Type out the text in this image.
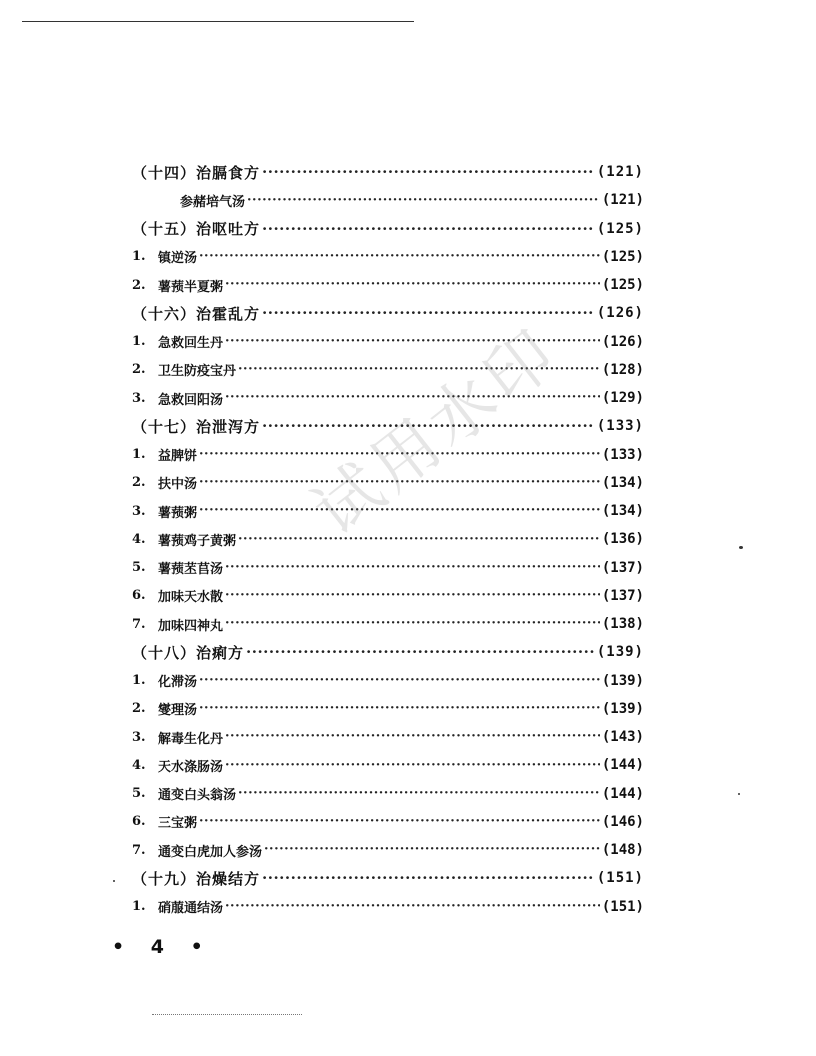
（十四）治膈食方 ·····	(121)
参赭培气汤 ·····	(121)
（十五）治呕吐方 ·····	(125)
1. 镇逆汤 ·····	(125)
2. 薯蓣半夏粥 ·····	(125)
（十六）治霍乱方 ·····	(126)
1. 急救回生丹 ·····	(126)
2. 卫生防疫宝丹 ·····	(128)
3. 急救回阳汤 ·····	(129)
（十七）治泄泻方 ·····	(133)
1. 益脾饼 ·····	(133)
2. 扶中汤 ·····	(134)
3. 薯蓣粥 ·····	(134)
4. 薯蓣鸡子黄粥 ·····	(136)
5. 薯蓣苤苢汤 ·····	(137)
6. 加味天水散 ·····	(137)
7. 加味四神丸 ·····	(138)
（十八）治痢方 ·····	(139)
1. 化滞汤 ·····	(139)
2. 燮理汤 ·····	(139)
3. 解毒生化丹 ·····	(143)
4. 天水涤肠汤 ·····	(144)
5. 通变白头翁汤 ·····	(144)
6. 三宝粥 ·····	(146)
7. 通变白虎加人参汤 ·····	(148)
（十九）治燥结方 ·····	(151)
1. 硝菔通结汤 ·····	(151)
试用水印
• 4 •
